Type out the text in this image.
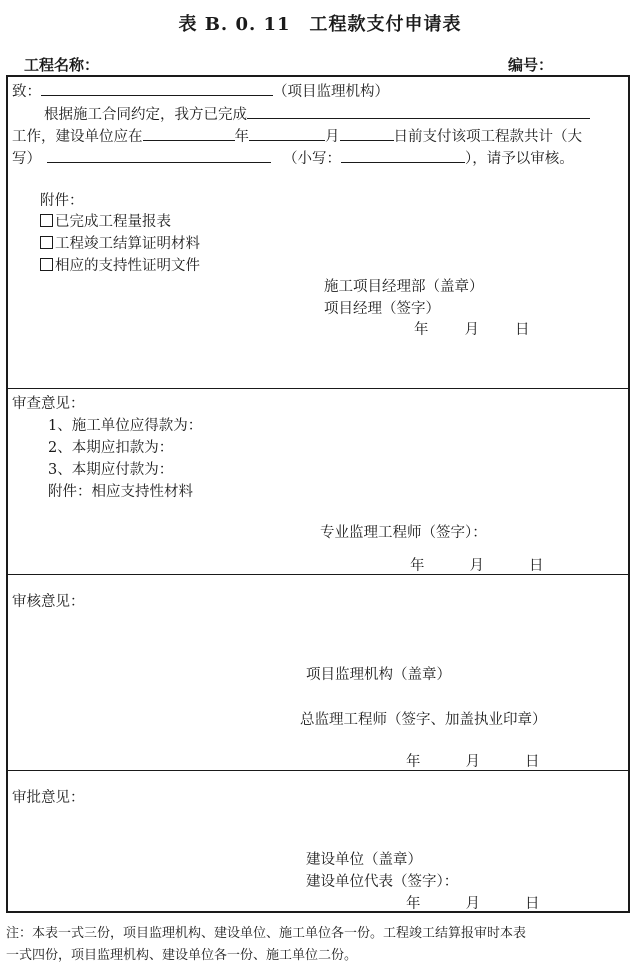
表 B. 0. 11　工程款支付申请表
工程名称：	编号：
致：	（项目监理机构）
根据施工合同约定，我方已完成
工作，建设单位应在	年	月	日前支付该项工程款共计（大
写）	（小写：	），请予以审核。
附件：
已完成工程量报表
工程竣工结算证明材料
相应的支持性证明文件
施工项目经理部（盖章）
项目经理（签字）
年 月 日
审查意见：
1、施工单位应得款为：
2、本期应扣款为：
3、本期应付款为：
附件：相应支持性材料
专业监理工程师（签字）：
年	月	日
审核意见：
项目监理机构（盖章）
总监理工程师（签字、加盖执业印章）
年	月	日
审批意见：
建设单位（盖章）
建设单位代表（签字）：
年	月	日
注：本表一式三份，项目监理机构、建设单位、施工单位各一份。工程竣工结算报审时本表
一式四份，项目监理机构、建设单位各一份、施工单位二份。
